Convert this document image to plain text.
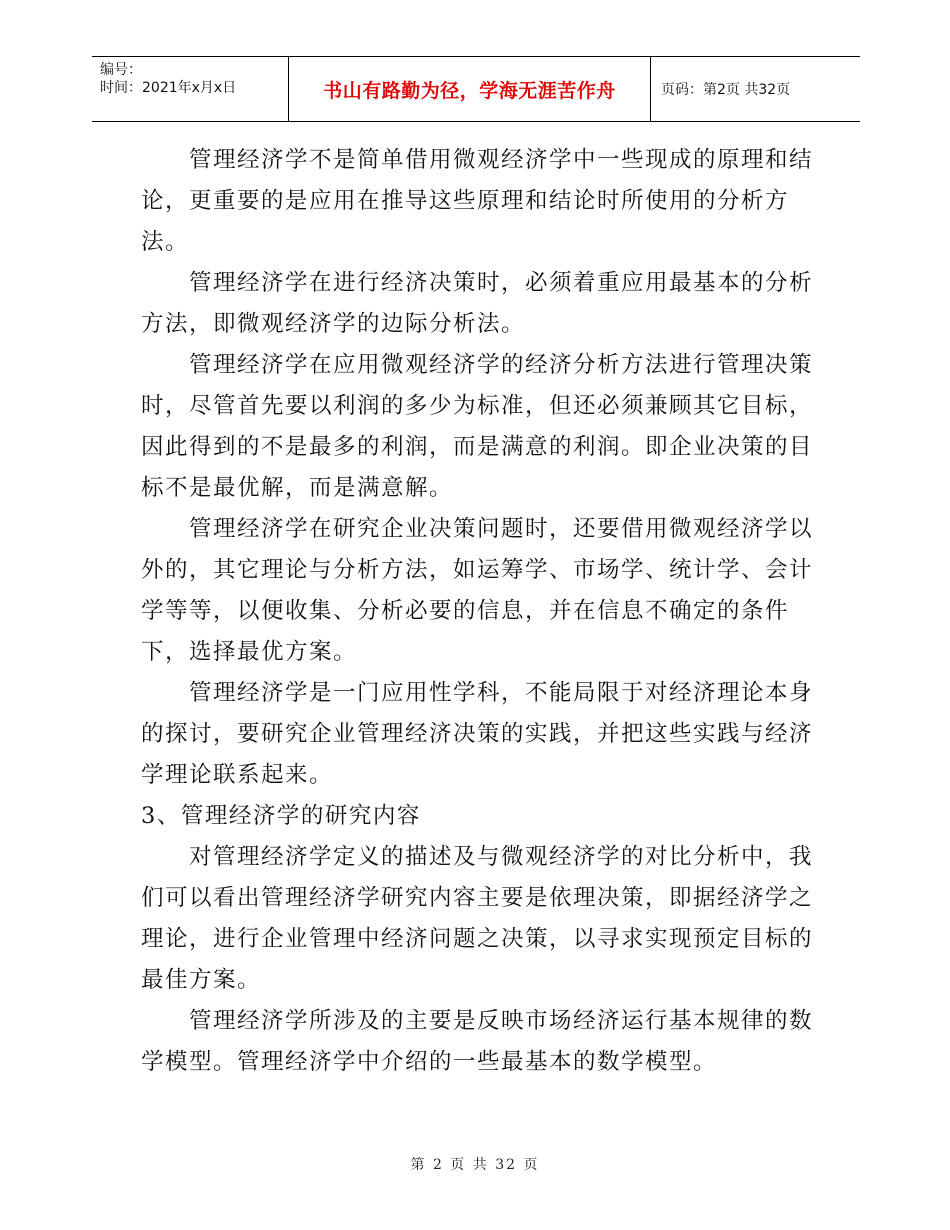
编号：
时间：2021年x月x日	书山有路勤为径，学海无涯苦作舟	页码：第2页 共32页

管理经济学不是简单借用微观经济学中一些现成的原理和结论，更重要的是应用在推导这些原理和结论时所使用的分析方法。

管理经济学在进行经济决策时，必须着重应用最基本的分析方法，即微观经济学的边际分析法。

管理经济学在应用微观经济学的经济分析方法进行管理决策时，尽管首先要以利润的多少为标准，但还必须兼顾其它目标，因此得到的不是最多的利润，而是满意的利润。即企业决策的目标不是最优解，而是满意解。

管理经济学在研究企业决策问题时，还要借用微观经济学以外的，其它理论与分析方法，如运筹学、市场学、统计学、会计学等等，以便收集、分析必要的信息，并在信息不确定的条件下，选择最优方案。

管理经济学是一门应用性学科，不能局限于对经济理论本身的探讨，要研究企业管理经济决策的实践，并把这些实践与经济学理论联系起来。

3、管理经济学的研究内容

对管理经济学定义的描述及与微观经济学的对比分析中，我们可以看出管理经济学研究内容主要是依理决策，即据经济学之理论，进行企业管理中经济问题之决策，以寻求实现预定目标的最佳方案。

管理经济学所涉及的主要是反映市场经济运行基本规律的数学模型。管理经济学中介绍的一些最基本的数学模型。

第 2 页 共 32 页
